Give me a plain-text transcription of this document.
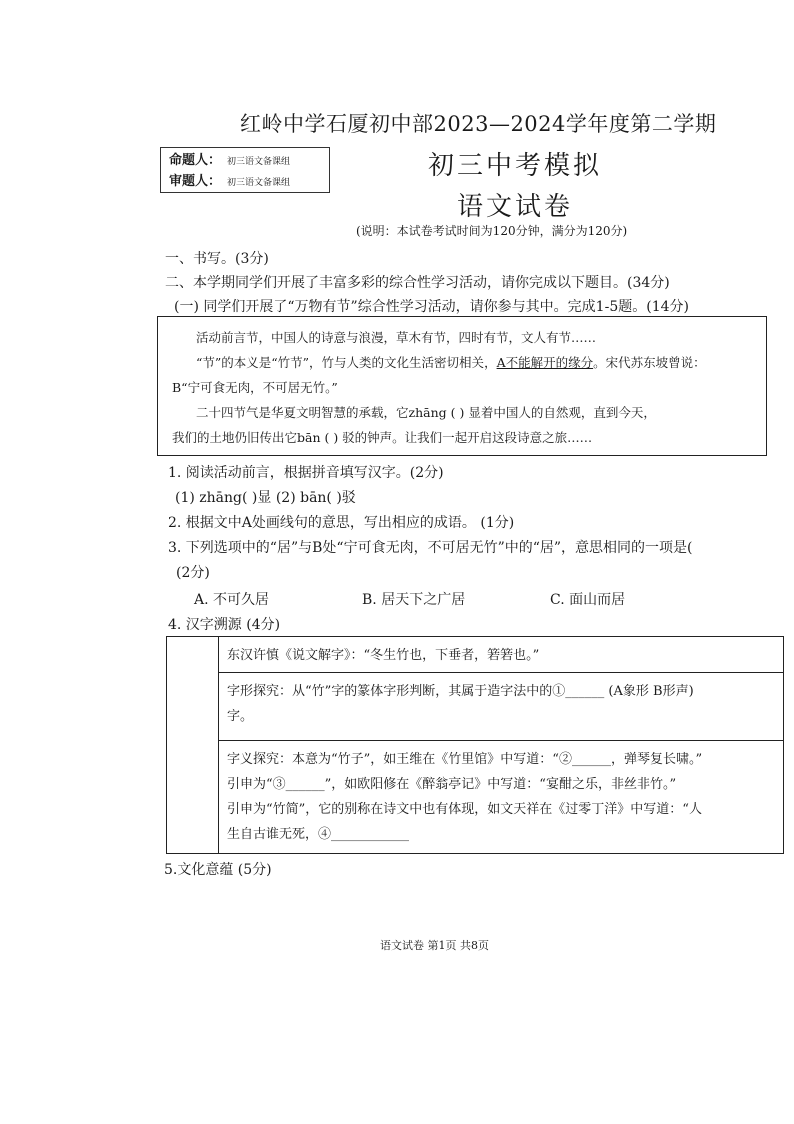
红岭中学石厦初中部2023—2024学年度第二学期
命题人： 初三语文备课组
审题人： 初三语文备课组
初三中考模拟
语文试卷
(说明：本试卷考试时间为120分钟，满分为120分)
一、书写。(3分)
二、本学期同学们开展了丰富多彩的综合性学习活动，请你完成以下题目。(34分)
(一) 同学们开展了“万物有节”综合性学习活动，请你参与其中。完成1-5题。(14分)

活动前言节，中国人的诗意与浪漫，草木有节，四时有节，文人有节……

“节”的本义是“竹节”，竹与人类的文化生活密切相关，A不能解开的缘分。宋代苏东坡曾说：

B“宁可食无肉，不可居无竹。”

二十四节气是华夏文明智慧的承载，它zhāng ( ) 显着中国人的自然观，直到今天，

我们的土地仍旧传出它bān ( ) 驳的钟声。让我们一起开启这段诗意之旅……

1. 阅读活动前言，根据拼音填写汉字。(2分)
(1) zhāng( )显 (2) bān( )驳
2. 根据文中A处画线句的意思，写出相应的成语。 (1分)
3. 下列选项中的“居”与B处“宁可食无肉，不可居无竹”中的“居”，意思相同的一项是(
(2分)
A. 不可久居	B. 居天下之广居	C. 面山而居
4. 汉字溯源 (4分)

东汉许慎《说文解字》：“冬生竹也，下垂者，箬箬也。”

字形探究：从“竹”字的篆体字形判断，其属于造字法中的①______ (A象形 B形声)

字。

字义探究：本意为“竹子”，如王维在《竹里馆》中写道：“②______，弹琴复长啸。”

引申为“③______”，如欧阳修在《醉翁亭记》中写道：“宴酣之乐，非丝非竹。”

引申为“竹简”，它的别称在诗文中也有体现，如文天祥在《过零丁洋》中写道：“人

生自古谁无死，④____________

5.文化意蕴 (5分)
语文试卷 第1页 共8页
